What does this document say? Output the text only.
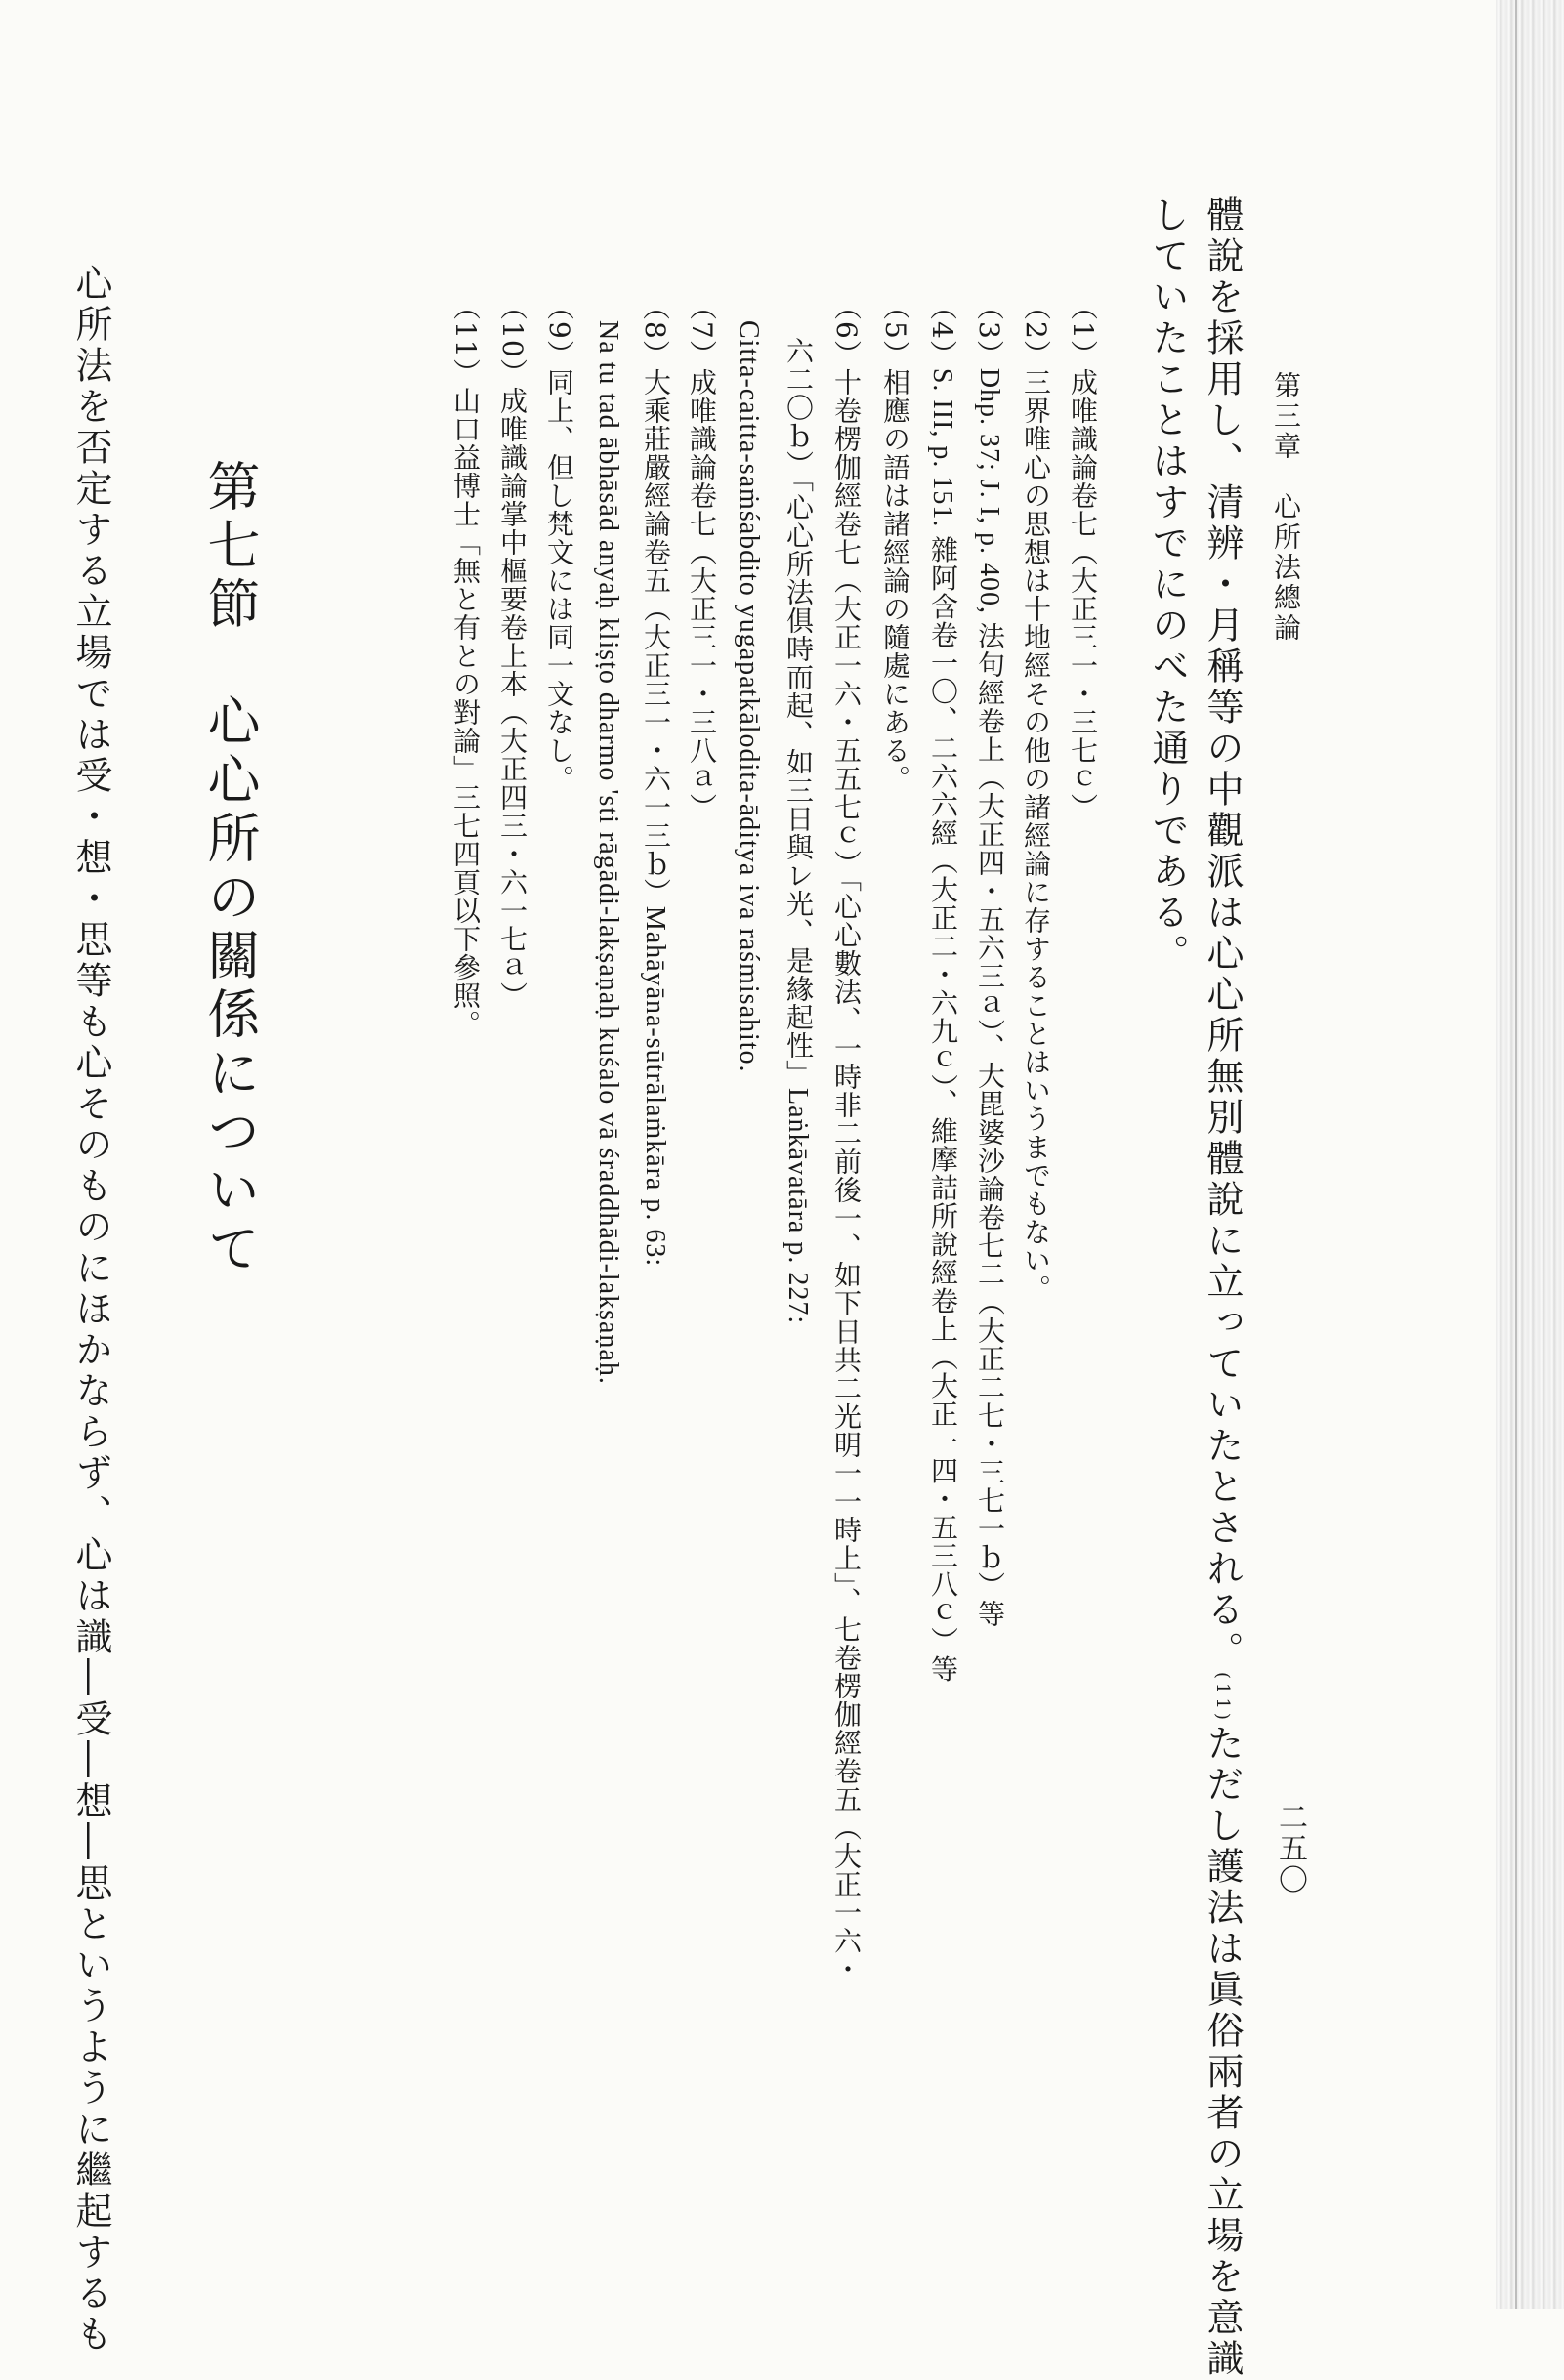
第三章　心所法總論
二五〇
體說を採用し、清辨・月稱等の中觀派は心心所無別體說に立っていたとされる。(11)ただし護法は眞俗兩者の立場を意識
していたことはすでにのべた通りである。
（1）成唯識論卷七（大正三一・三七ｃ）
（2）三界唯心の思想は十地經その他の諸經論に存することはいうまでもない。
（3）Dhp. 37; J. I, p. 400, 法句經卷上（大正四・五六三ａ）、大毘婆沙論卷七二（大正二七・三七一ｂ）等
（4）S. III, p. 151. 雜阿含卷一〇、二六六經（大正二・六九ｃ）、維摩詰所說經卷上（大正一四・五三八ｃ）等
（5）相應の語は諸經論の隨處にある。
（6）十卷楞伽經卷七（大正一六・五五七ｃ）「心心數法、一時非二前後一、如下日共二光明一一時上」、七卷楞伽經卷五（大正一六・
六二〇ｂ）「心心所法俱時而起、如三日與レ光、是緣起性」Laṅkāvatāra p. 227:
Citta-caitta-saṁśabdito yugapatkālodita-āditya iva raśmisahito.
（7）成唯識論卷七（大正三一・三八ａ）
（8）大乘莊嚴經論卷五（大正三一・六一三ｂ）Mahāyāna-sūtrālaṁkāra p. 63:
Na tu tad ābhāsād anyaḥ kliṣṭo dharmo 'sti rāgādi-lakṣaṇaḥ kuśalo vā śraddhādi-lakṣaṇaḥ.
（9）同上、但し梵文には同一文なし。
（10）成唯識論掌中樞要卷上本（大正四三・六一七ａ）
（11）山口益博士「無と有との對論」三七四頁以下參照。
第七節心心所の關係について
心所法を否定する立場では受・想・思等も心そのものにほかならず、心は識―受―想―思というように繼起するも
